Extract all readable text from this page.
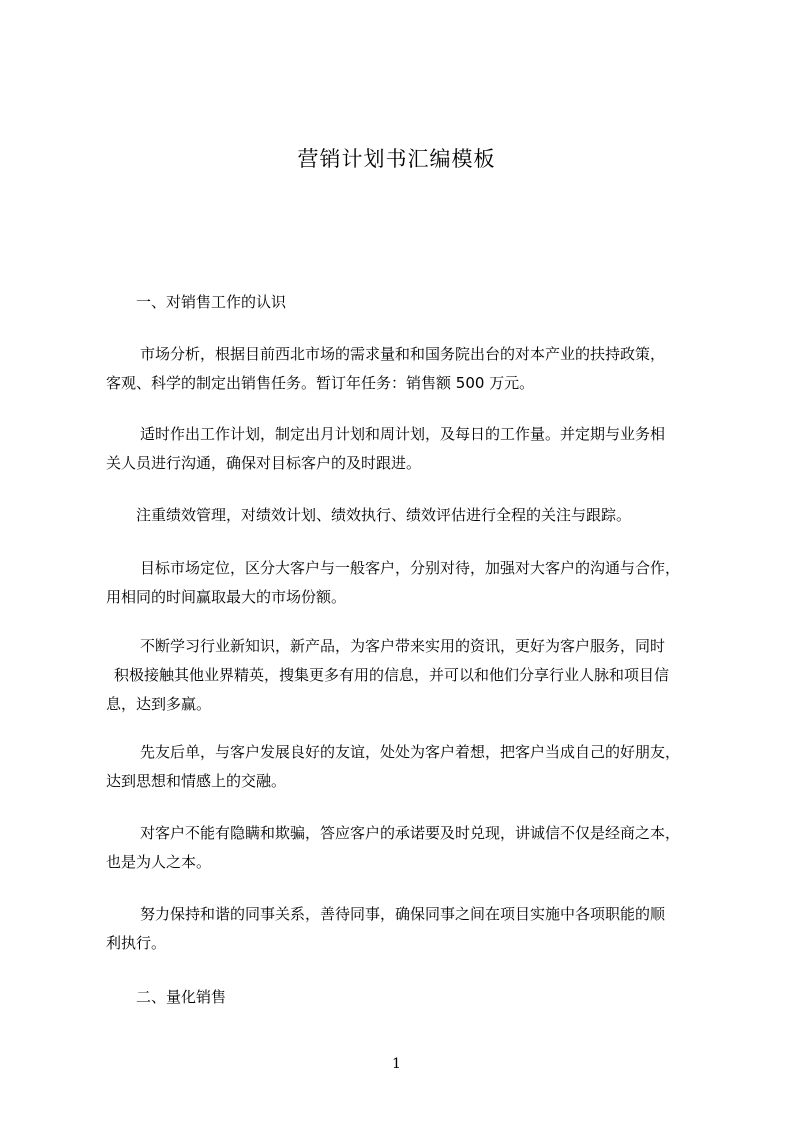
营销计划书汇编模板
一、对销售工作的认识

市场分析，根据目前西北市场的需求量和和国务院出台的对本产业的扶持政策，
客观、科学的制定出销售任务。暂订年任务：销售额 500 万元。

适时作出工作计划，制定出月计划和周计划，及每日的工作量。并定期与业务相
关人员进行沟通，确保对目标客户的及时跟进。

注重绩效管理，对绩效计划、绩效执行、绩效评估进行全程的关注与跟踪。

目标市场定位，区分大客户与一般客户，分别对待，加强对大客户的沟通与合作，
用相同的时间赢取最大的市场份额。

不断学习行业新知识，新产品，为客户带来实用的资讯，更好为客户服务，同时
积极接触其他业界精英，搜集更多有用的信息，并可以和他们分享行业人脉和项目信
息，达到多赢。

先友后单，与客户发展良好的友谊，处处为客户着想，把客户当成自己的好朋友，
达到思想和情感上的交融。

对客户不能有隐瞒和欺骗，答应客户的承诺要及时兑现，讲诚信不仅是经商之本，
也是为人之本。

努力保持和谐的同事关系，善待同事，确保同事之间在项目实施中各项职能的顺
利执行。

二、量化销售
1
